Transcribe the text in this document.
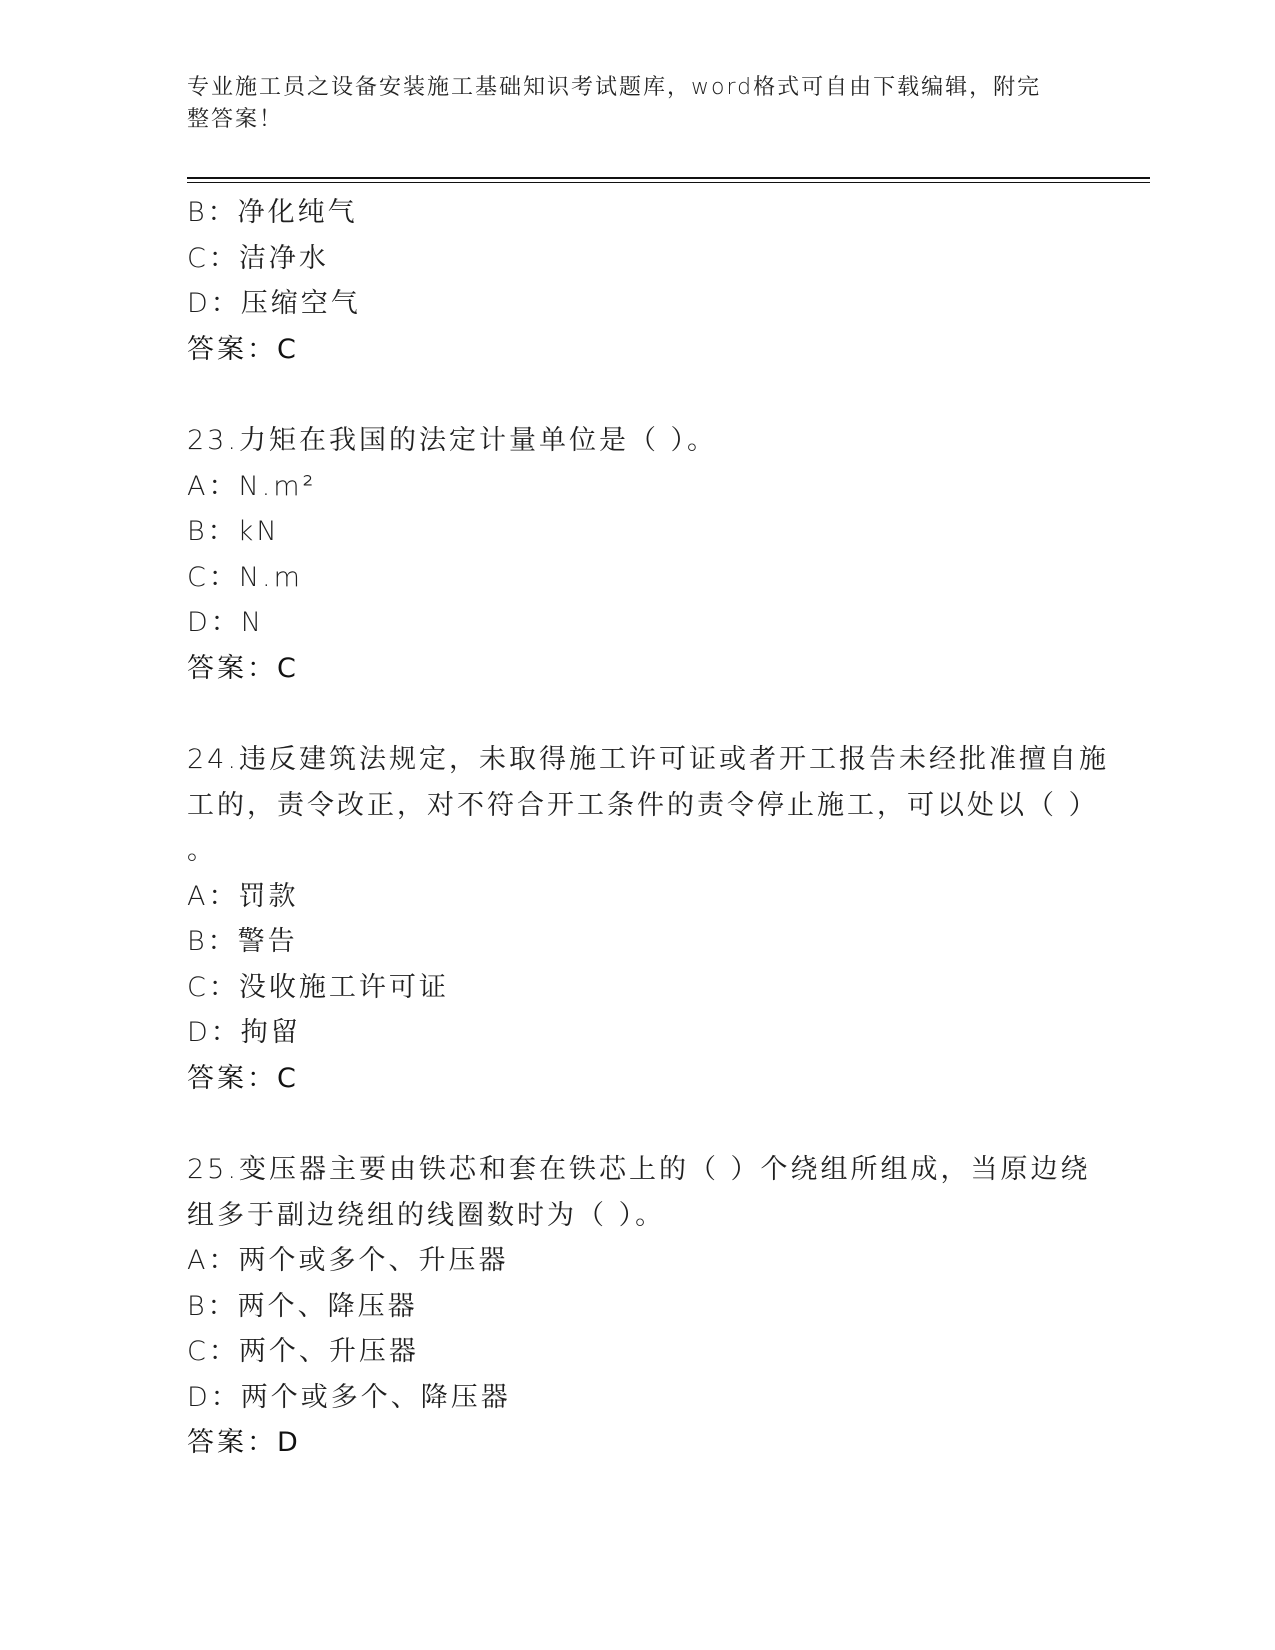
专业施工员之设备安装施工基础知识考试题库，word格式可自由下载编辑，附完
整答案！
B：净化纯气
C：洁净水
D：压缩空气
答案：C
23.力矩在我国的法定计量单位是（ ）。
A：N.m²
B：kN
C：N.m
D：N
答案：C
24.违反建筑法规定，未取得施工许可证或者开工报告未经批准擅自施
工的，责令改正，对不符合开工条件的责令停止施工，可以处以（ ）
。
A：罚款
B：警告
C：没收施工许可证
D：拘留
答案：C
25.变压器主要由铁芯和套在铁芯上的（ ）个绕组所组成，当原边绕
组多于副边绕组的线圈数时为（ ）。
A：两个或多个、升压器
B：两个、降压器
C：两个、升压器
D：两个或多个、降压器
答案：D
